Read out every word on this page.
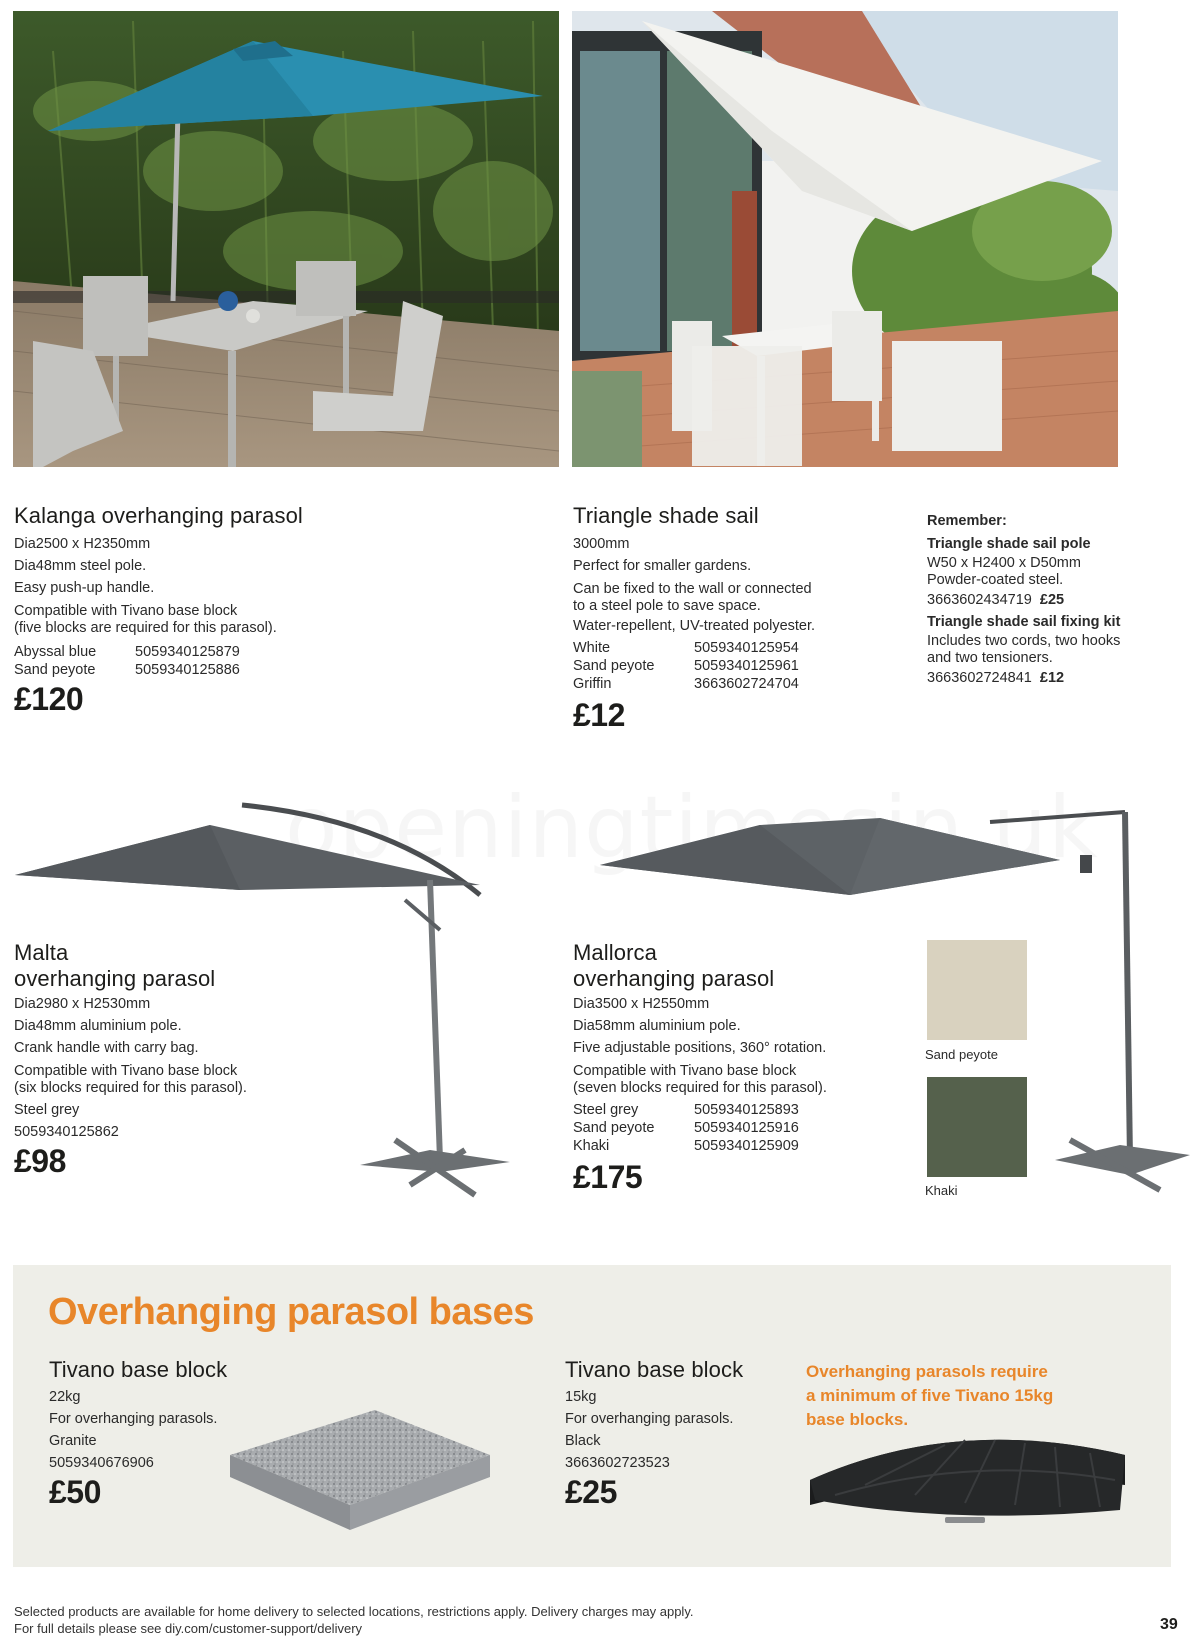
Kalanga overhanging parasol
Dia2500 x H2350mm
Dia48mm steel pole.
Easy push-up handle.
Compatible with Tivano base block
(five blocks are required for this parasol).
Abyssal blue	5059340125879
Sand peyote	5059340125886
£120
Triangle shade sail
3000mm
Perfect for smaller gardens.
Can be fixed to the wall or connected
to a steel pole to save space.
Water-repellent, UV-treated polyester.
White	5059340125954
Sand peyote	5059340125961
Griffin	3663602724704
£12
Remember:
Triangle shade sail pole
W50 x H2400 x D50mm
Powder-coated steel.
3663602434719 £25
Triangle shade sail fixing kit
Includes two cords, two hooks
and two tensioners.
3663602724841 £12
Malta
overhanging parasol
Dia2980 x H2530mm
Dia48mm aluminium pole.
Crank handle with carry bag.
Compatible with Tivano base block
(six blocks required for this parasol).
Steel grey
5059340125862
£98
Mallorca
overhanging parasol
Dia3500 x H2550mm
Dia58mm aluminium pole.
Five adjustable positions, 360° rotation.
Compatible with Tivano base block
(seven blocks required for this parasol).
Steel grey	5059340125893
Sand peyote	5059340125916
Khaki	5059340125909
£175
Sand peyote
Khaki
Overhanging parasol bases
Tivano base block
22kg
For overhanging parasols.
Granite
5059340676906
£50
Tivano base block
15kg
For overhanging parasols.
Black
3663602723523
£25
Overhanging parasols require
a minimum of five Tivano 15kg
base blocks.
Selected products are available for home delivery to selected locations, restrictions apply. Delivery charges may apply.
For full details please see diy.com/customer-support/delivery	39
